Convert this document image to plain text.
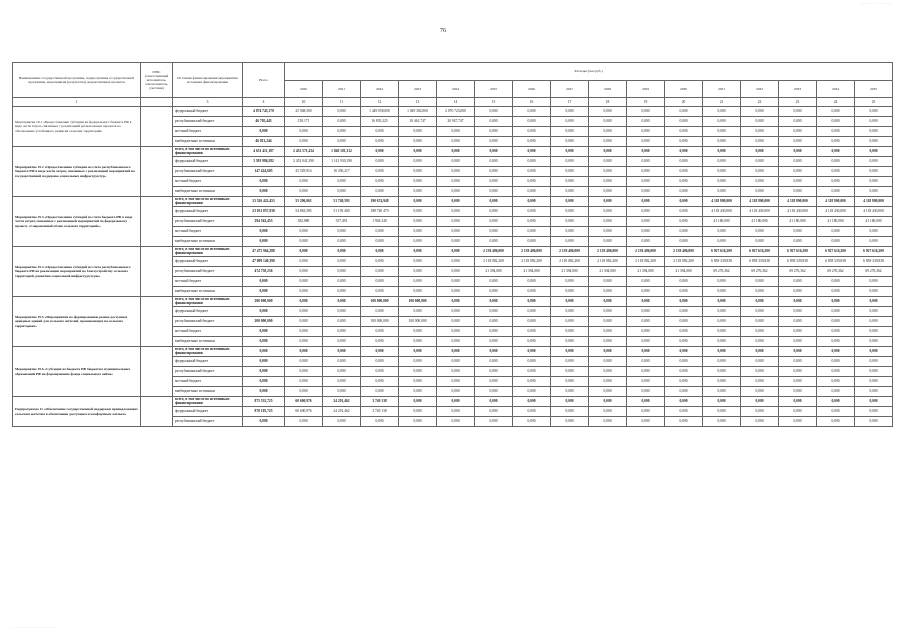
· · · · · · · · · · · · · · · ·
76
Наименование государственной программы, подпрограммы государственной программы, мероприятия (результаты), ведомственных проектов	ГРБС (ответственный исполнитель, соисполнитель, участник)	Источник финансирования мероприятия источника финансирования	Всего	Расходы (тыс.руб.)															
				2020	2021	2022	2023	2024	2025	2026	2027	2028	2029	2030	2031	2032	2033	2034	2035
1		3	4	10	11	12	13	14	15	16	17	18	19	20	21	22	23	24	25
Мероприятие 19.1 «Предоставление субсидии из федерального бюджета РФ в виде части затрат, связанных с реализацией региональных проектов по обеспечению устойчивого развития сельских территорий»		федеральный бюджет	4 874 745,170	25 948,500	0,000	1 449 058,000	1 049 382,000	2 070 723,000	0,000	0,000	0,000	0,000	0,000	0,000	0,000	0,000	0,000	0,000	0,000
		республиканский бюджет	46 705,443	158,171	0,000	16 835,225	10 461,747	20 947,747	0,000	0,000	0,000	0,000	0,000	0,000	0,000	0,000	0,000	0,000	0,000
		местный бюджет	0,000	0,000	0,000	0,000	0,000	0,000	0,000	0,000	0,000	0,000	0,000	0,000	0,000	0,000	0,000	0,000	0,000
		внебюджетные источники	46 813,244	0,000	0,000	0,000	0,000	0,000	0,000	0,000	0,000	0,000	0,000	0,000	0,000	0,000	0,000	0,000	0,000
Мероприятие 19.2 «Предоставление субсидии из счета республиканского бюджета РФ в виде части затрат, связанных с реализацией мероприятий по государственной поддержке социальных инфраструктур»		всего, в том числе по источникам финансирования	4 651 411,187	2 452 571,434	1 840 181,312	0,000	0,000	0,000	0,000	0,000	0,000	0,000	0,000	0,000	0,000	0,000	0,000	0,000	0,000
		федеральный бюджет	3 593 986,582	2 452 041,390	1 141 930,190	0,000	0,000	0,000	0,000	0,000	0,000	0,000	0,000	0,000	0,000	0,000	0,000	0,000	0,000
		республиканский бюджет	147 424,605	25 529,914	16 350,217	0,000	0,000	0,000	0,000	0,000	0,000	0,000	0,000	0,000	0,000	0,000	0,000	0,000	0,000
		местный бюджет	0,000	0,000	0,000	0,000	0,000	0,000	0,000	0,000	0,000	0,000	0,000	0,000	0,000	0,000	0,000	0,000	0,000
		внебюджетные источники	0,000	0,000	0,000	0,000	0,000	0,000	0,000	0,000	0,000	0,000	0,000	0,000	0,000	0,000	0,000	0,000	0,000
Мероприятие 19.3 «Предоставление субсидий из счета бюджета РФ в виде части затрат, связанных с реализацией мероприятий по федеральному проекту «Современный облик сельских территорий»»		всего, в том числе по источникам финансирования	23 326 422,453	55 296,063	51 749,593	190 674,948	0,000	0,000	0,000	0,000	0,000	0,000	0,000	0,000	4 118 800,000	4 118 800,000	4 118 800,000	4 118 800,000	4 118 800,000
		федеральный бюджет	23 031 857,930	54 863,585	51 193 400	188 740 470	0,000	0,000	0,000	0,000	0,000	0,000	0,000	0,000	4 118 430,000	4 118 430,000	4 118 430,000	4 118 430,000	4 118 430,000
		республиканский бюджет	294 562,453	382,880	557,491	1 904 240	0,000	0,000	0,000	0,000	0,000	0,000	0,000	0,000	41 180,000	41 180,000	41 180,000	41 180,000	41 180,000
		местный бюджет	0,000	0,000	0,000	0,000	0,000	0,000	0,000	0,000	0,000	0,000	0,000	0,000	0,000	0,000	0,000	0,000	0,000
		внебюджетные источники	0,000	0,000	0,000	0,000	0,000	0,000	0,000	0,000	0,000	0,000	0,000	0,000	0,000	0,000	0,000	0,000	0,000
Мероприятие 19.4 «Предоставление субсидий из счета республиканского бюджета РФ на реализацию мероприятий по благоустройству сельских территорий, развитию социальной инфраструктуры»		всего, в том числе по источникам финансирования	47 475 964,288	0,000	0,000	0,000	0,000	0,000	2 139 486,000	2 139 486,000	2 139 486,000	2 139 486,000	2 139 486,000	2 139 486,000	6 927 616,200	6 927 616,200	6 927 616,200	6 927 616,200	6 927 616,200
		федеральный бюджет	47 009 140,390	0,000	0,000	0,000	0,000	0,000	2 118 082,200	2 118 082,200	2 118 082,200	2 118 082,200	2 118 082,200	2 118 082,200	6 858 339,838	6 858 339,838	6 858 339,838	6 858 339,838	6 858 339,838
		республиканский бюджет	474 758,236	0,000	0,000	0,000	0,000	0,000	21 394,000	21 394,000	21 394,000	21 394,000	21 394,000	21 394,000	69 276,362	69 276,362	69 276,362	69 276,362	69 276,362
		местный бюджет	0,000	0,000	0,000	0,000	0,000	0,000	0,000	0,000	0,000	0,000	0,000	0,000	0,000	0,000	0,000	0,000	0,000
		внебюджетные источники	0,000	0,000	0,000	0,000	0,000	0,000	0,000	0,000	0,000	0,000	0,000	0,000	0,000	0,000	0,000	0,000	0,000
Мероприятие 19.5 «Мероприятия по формированию рынка доступных арендных зданий для сельских жителей, проживающих на сельских территориях»		всего, в том числе по источникам финансирования	200 000,000	0,000	0,000	100 000,000	100 000,000	0,000	0,000	0,000	0,000	0,000	0,000	0,000	0,000	0,000	0,000	0,000	0,000
		федеральный бюджет	0,000	0,000	0,000	0,000	0,000	0,000	0,000	0,000	0,000	0,000	0,000	0,000	0,000	0,000	0,000	0,000	0,000
		республиканский бюджет	200 000,000	0,000	0,000	100 000,000	100 000,000	0,000	0,000	0,000	0,000	0,000	0,000	0,000	0,000	0,000	0,000	0,000	0,000
		местный бюджет	0,000	0,000	0,000	0,000	0,000	0,000	0,000	0,000	0,000	0,000	0,000	0,000	0,000	0,000	0,000	0,000	0,000
		внебюджетные источники	0,000	0,000	0,000	0,000	0,000	0,000	0,000	0,000	0,000	0,000	0,000	0,000	0,000	0,000	0,000	0,000	0,000
Мероприятие 19.6 «Субсидия из бюджета РФ бюджетам муниципальных образований РФ на формирование фонда социального займа»		всего, в том числе по источникам финансирования	0,000	0,000	0,000	0,000	0,000	0,000	0,000	0,000	0,000	0,000	0,000	0,000	0,000	0,000	0,000	0,000	0,000
		федеральный бюджет	0,000	0,000	0,000	0,000	0,000	0,000	0,000	0,000	0,000	0,000	0,000	0,000	0,000	0,000	0,000	0,000	0,000
		республиканский бюджет	0,000	0,000	0,000	0,000	0,000	0,000	0,000	0,000	0,000	0,000	0,000	0,000	0,000	0,000	0,000	0,000	0,000
		местный бюджет	0,000	0,000	0,000	0,000	0,000	0,000	0,000	0,000	0,000	0,000	0,000	0,000	0,000	0,000	0,000	0,000	0,000
		внебюджетные источники	0,000	0,000	0,000	0,000	0,000	0,000	0,000	0,000	0,000	0,000	0,000	0,000	0,000	0,000	0,000	0,000	0,000
Подпрограмма 11 «Обеспечение государственной поддержки принадлежащих сельским жителям в обеспечении доступным и комфортным жильем»		всего, в том числе по источникам финансирования	875 535,725	60 600,976	24 291,462	3 740 138	0,000	0,000	0,000	0,000	0,000	0,000	0,000	0,000	0,000	0,000	0,000	0,000	0,000
		федеральный бюджет	870 105,725	60 600,976	24 291,462	3 740 138	0,000	0,000	0,000	0,000	0,000	0,000	0,000	0,000	0,000	0,000	0,000	0,000	0,000
		республиканский бюджет	0,000	0,000	0,000	0,000	0,000	0,000	0,000	0,000	0,000	0,000	0,000	0,000	0,000	0,000	0,000	0,000	0,000
· · · · · · · · · · · · · · · · · · · · · · ·
